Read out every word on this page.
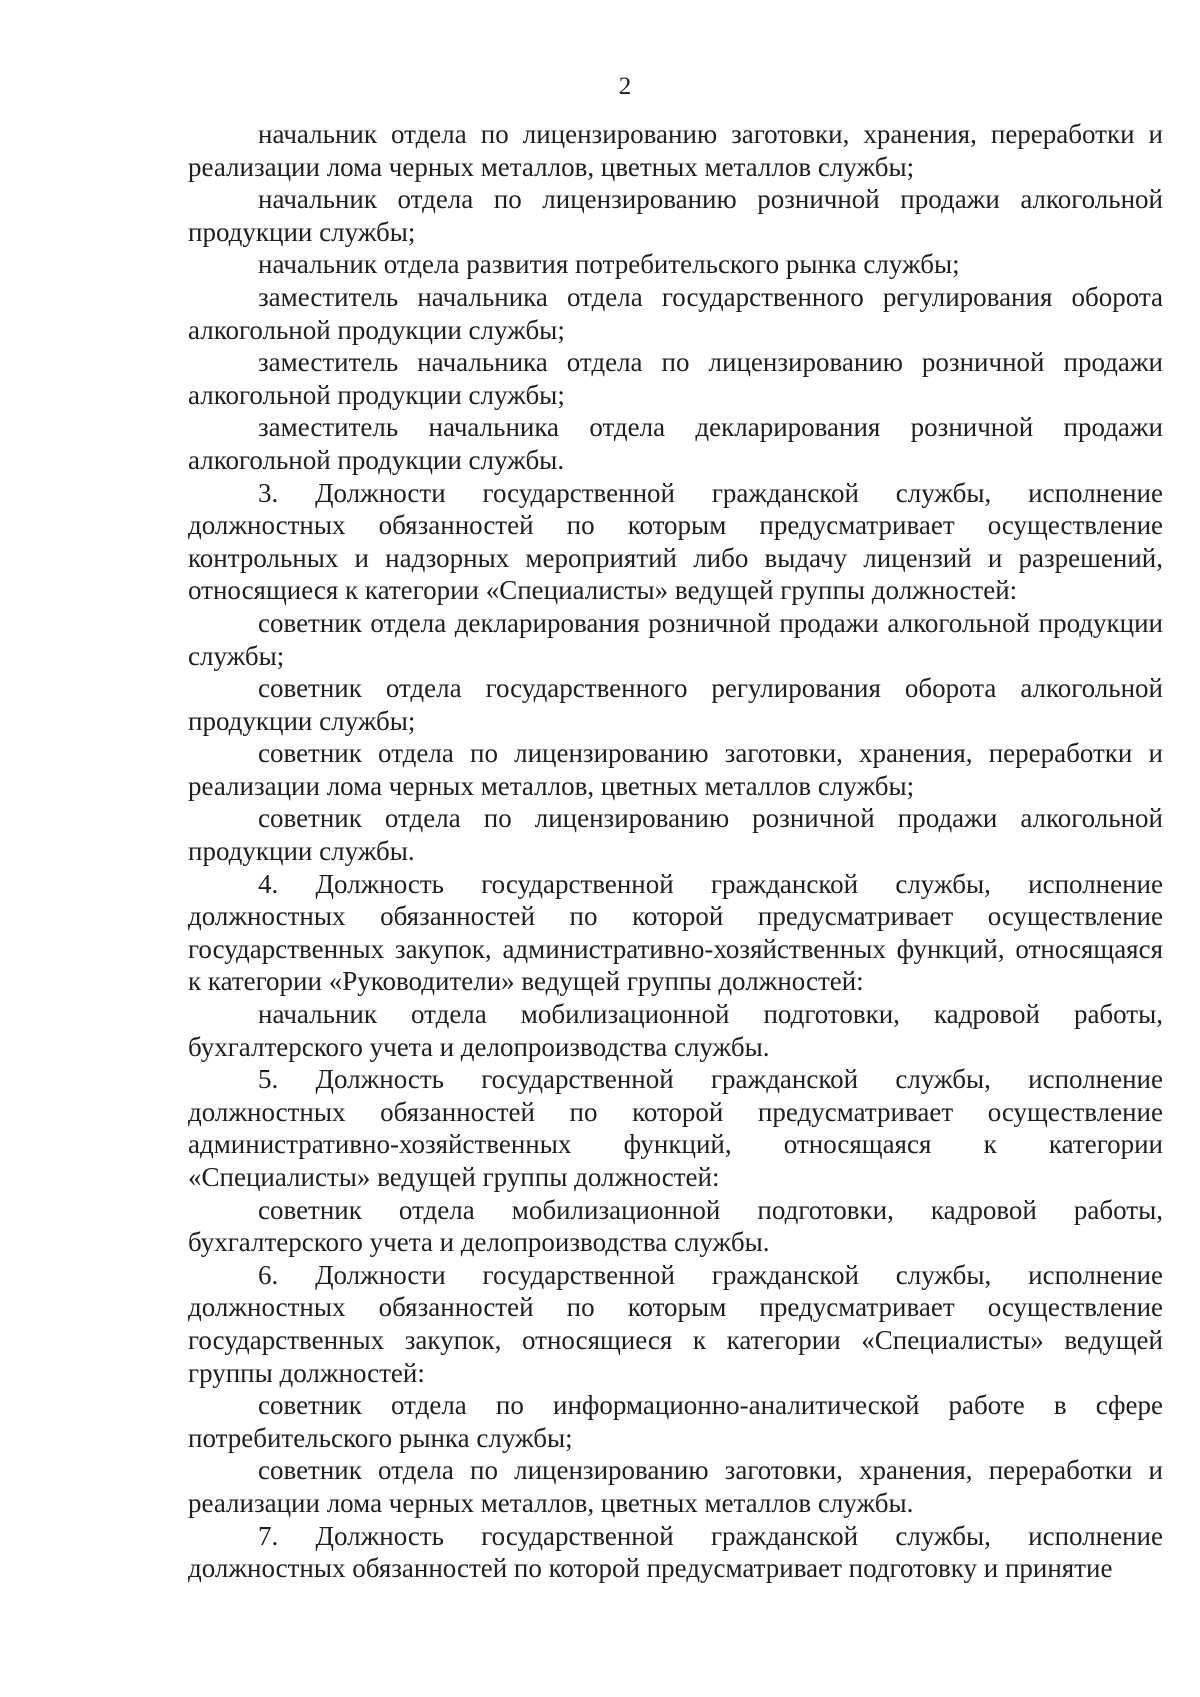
2

начальник отдела по лицензированию заготовки, хранения, переработки и реализации лома черных металлов, цветных металлов службы;

начальник отдела по лицензированию розничной продажи алкогольной продукции службы;

начальник отдела развития потребительского рынка службы;

заместитель начальника отдела государственного регулирования оборота алкогольной продукции службы;

заместитель начальника отдела по лицензированию розничной продажи алкогольной продукции службы;

заместитель начальника отдела декларирования розничной продажи алкогольной продукции службы.

3. Должности государственной гражданской службы, исполнение должностных обязанностей по которым предусматривает осуществление контрольных и надзорных мероприятий либо выдачу лицензий и разрешений, относящиеся к категории «Специалисты» ведущей группы должностей:

советник отдела декларирования розничной продажи алкогольной продукции службы;

советник отдела государственного регулирования оборота алкогольной продукции службы;

советник отдела по лицензированию заготовки, хранения, переработки и реализации лома черных металлов, цветных металлов службы;

советник отдела по лицензированию розничной продажи алкогольной продукции службы.

4. Должность государственной гражданской службы, исполнение должностных обязанностей по которой предусматривает осуществление государственных закупок, административно-хозяйственных функций, относящаяся к категории «Руководители» ведущей группы должностей:

начальник отдела мобилизационной подготовки, кадровой работы, бухгалтерского учета и делопроизводства службы.

5. Должность государственной гражданской службы, исполнение должностных обязанностей по которой предусматривает осуществление административно-хозяйственных функций, относящаяся к категории «Специалисты» ведущей группы должностей:

советник отдела мобилизационной подготовки, кадровой работы, бухгалтерского учета и делопроизводства службы.

6. Должности государственной гражданской службы, исполнение должностных обязанностей по которым предусматривает осуществление государственных закупок, относящиеся к категории «Специалисты» ведущей группы должностей:

советник отдела по информационно-аналитической работе в сфере потребительского рынка службы;

советник отдела по лицензированию заготовки, хранения, переработки и реализации лома черных металлов, цветных металлов службы.

7. Должность государственной гражданской службы, исполнение должностных обязанностей по которой предусматривает подготовку и принятие
